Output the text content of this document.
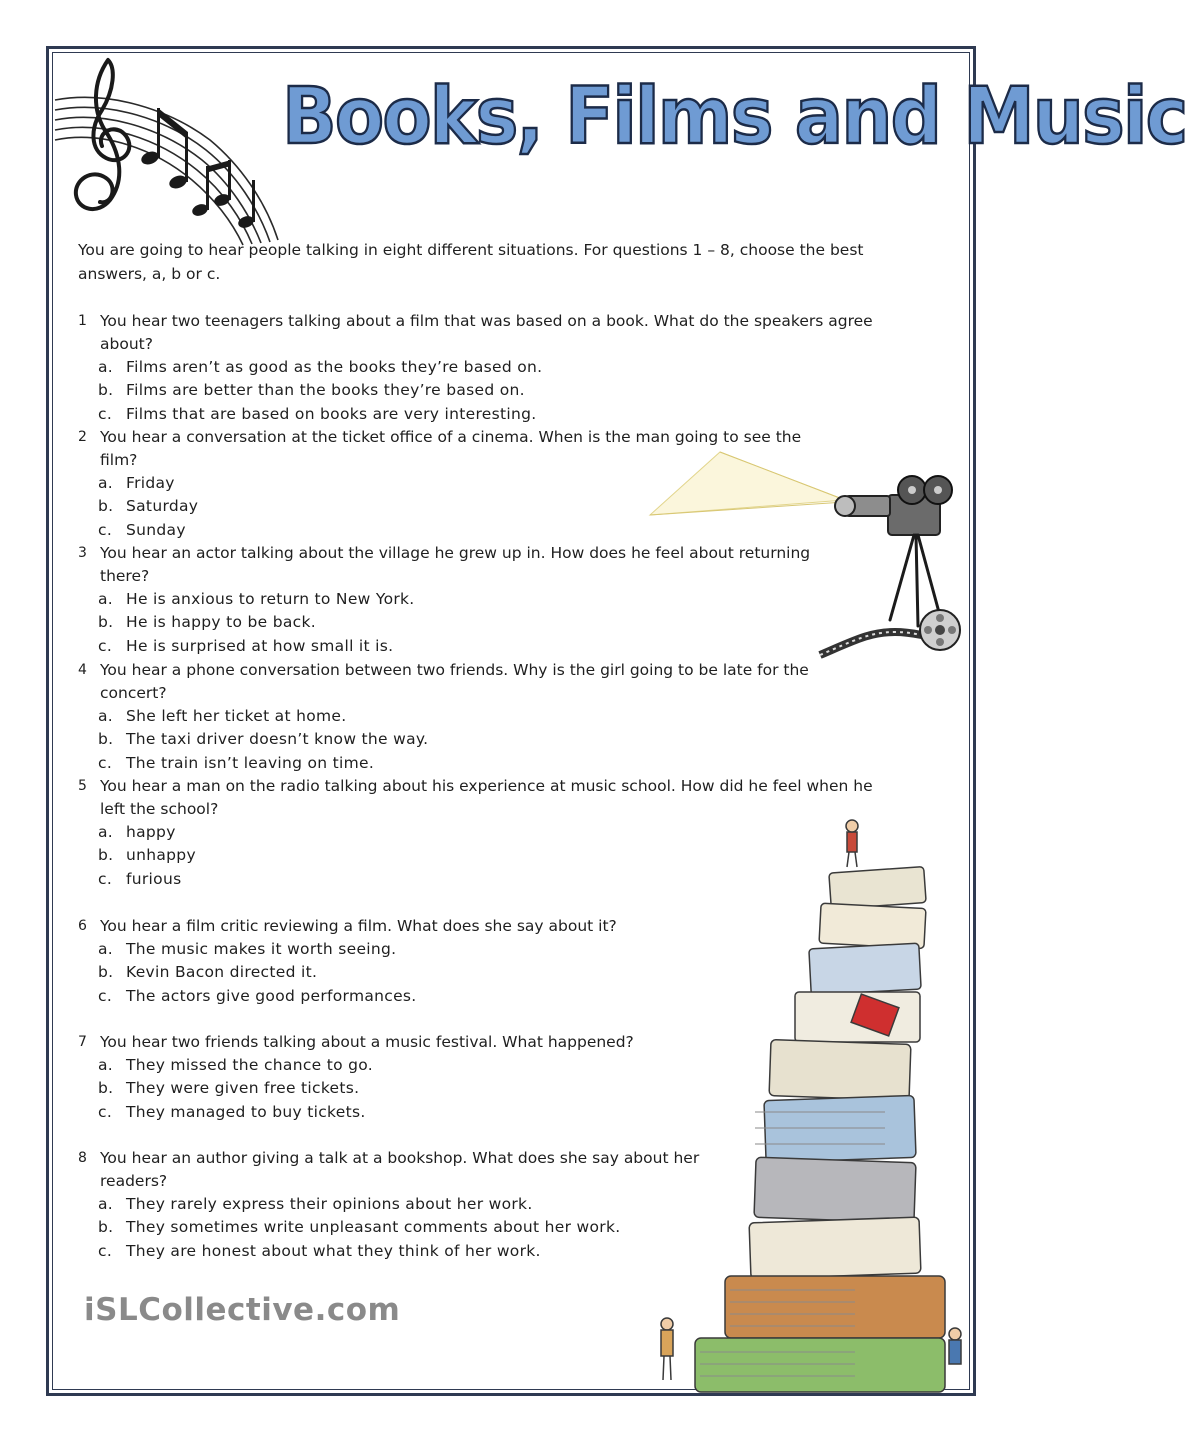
Books, Films and Music
You are going to hear people talking in eight different situations. For questions 1 – 8, choose the best answers, a, b or c.
1 You hear two teenagers talking about a film that was based on a book. What do the speakers agree about?
a. Films aren’t as good as the books they’re based on.
b. Films are better than the books they’re based on.
c. Films that are based on books are very interesting.
2 You hear a conversation at the ticket office of a cinema. When is the man going to see the film?
a. Friday
b. Saturday
c. Sunday
3 You hear an actor talking about the village he grew up in. How does he feel about returning there?
a. He is anxious to return to New York.
b. He is happy to be back.
c. He is surprised at how small it is.
4 You hear a phone conversation between two friends. Why is the girl going to be late for the concert?
a. She left her ticket at home.
b. The taxi driver doesn’t know the way.
c. The train isn’t leaving on time.
5 You hear a man on the radio talking about his experience at music school. How did he feel when he left the school?
a. happy
b. unhappy
c. furious
6 You hear a film critic reviewing a film. What does she say about it?
a. The music makes it worth seeing.
b. Kevin Bacon directed it.
c. The actors give good performances.
7 You hear two friends talking about a music festival. What happened?
a. They missed the chance to go.
b. They were given free tickets.
c. They managed to buy tickets.
8 You hear an author giving a talk at a bookshop. What does she say about her readers?
a. They rarely express their opinions about her work.
b. They sometimes write unpleasant comments about her work.
c. They are honest about what they think of her work.
iSLCollective.com
